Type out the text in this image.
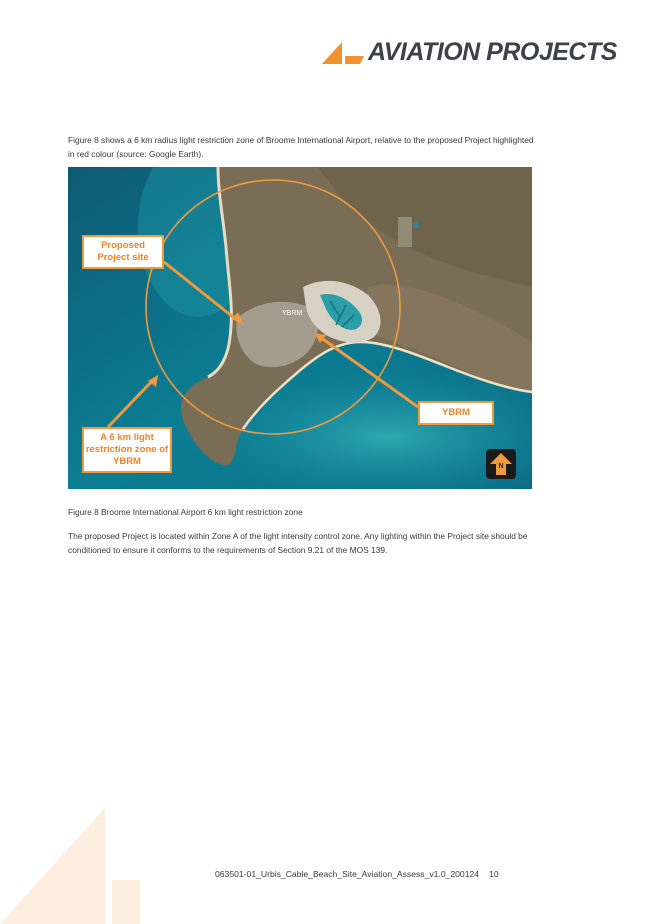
AVIATION PROJECTS

Figure 8 shows a 6 km radius light restriction zone of Broome International Airport, relative to the proposed Project highlighted in red colour (source: Google Earth).

Proposed Project site
YBRM
A 6 km light restriction zone of YBRM
YBRM
N

Figure 8 Broome International Airport 6 km light restriction zone

The proposed Project is located within Zone A of the light intensity control zone. Any lighting within the Project site should be conditioned to ensure it conforms to the requirements of Section 9.21 of the MOS 139.

063501-01_Urbis_Cable_Beach_Site_Aviation_Assess_v1.0_200124 10
